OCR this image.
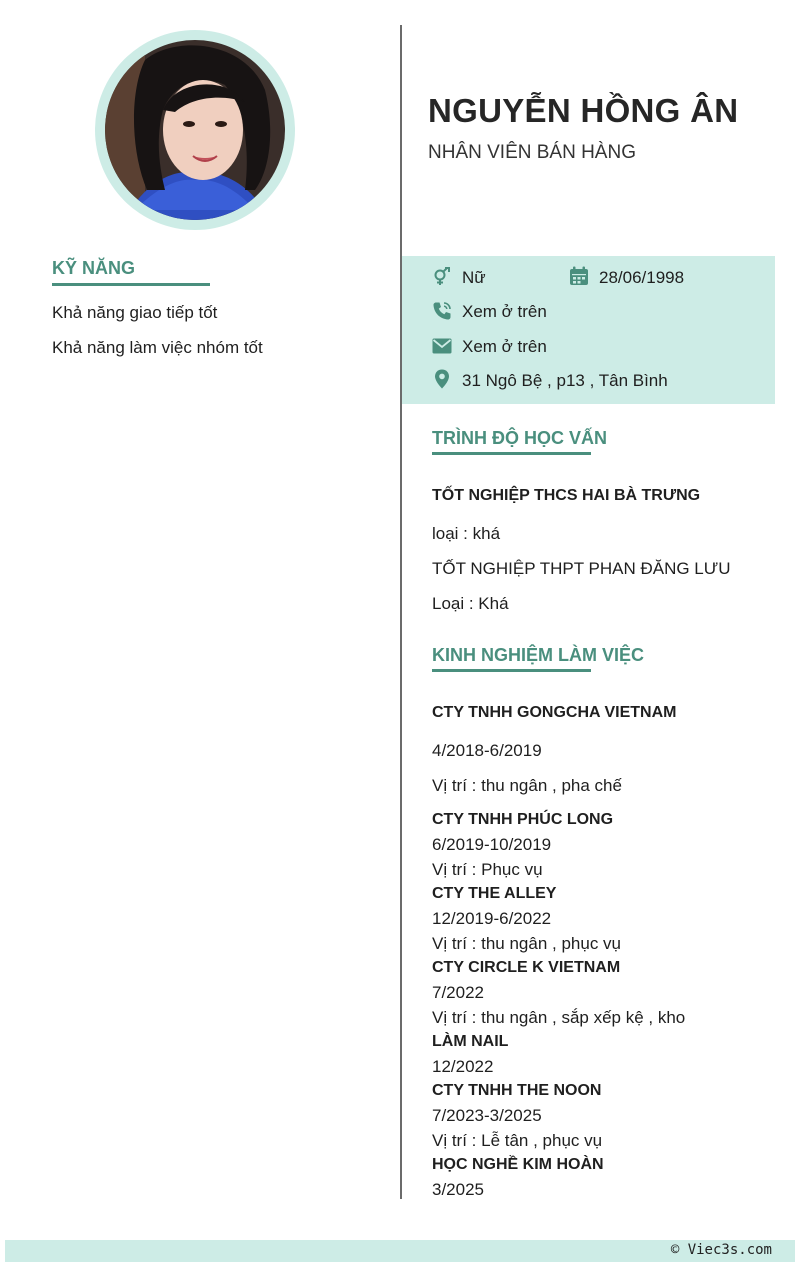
KỸ NĂNG
Khả năng giao tiếp tốt
Khả năng làm việc nhóm tốt
NGUYỄN HỒNG ÂN
NHÂN VIÊN BÁN HÀNG
Nữ	28/06/1998
Xem ở trên
Xem ở trên
31 Ngô Bệ , p13 , Tân Bình
TRÌNH ĐỘ HỌC VẤN
TỐT NGHIỆP THCS HAI BÀ TRƯNG
loại : khá
TỐT NGHIỆP THPT PHAN ĐĂNG LƯU
Loại : Khá
KINH NGHIỆM LÀM VIỆC
CTY TNHH GONGCHA VIETNAM
4/2018-6/2019
Vị trí : thu ngân , pha chế
CTY TNHH PHÚC LONG
6/2019-10/2019
Vị trí : Phục vụ
CTY THE ALLEY
12/2019-6/2022
Vị trí : thu ngân , phục vụ
CTY CIRCLE K VIETNAM
7/2022
Vị trí : thu ngân , sắp xếp kệ , kho
LÀM NAIL
12/2022
CTY TNHH THE NOON
7/2023-3/2025
Vị trí : Lễ tân , phục vụ
HỌC NGHỀ KIM HOÀN
3/2025
© Viec3s.com
